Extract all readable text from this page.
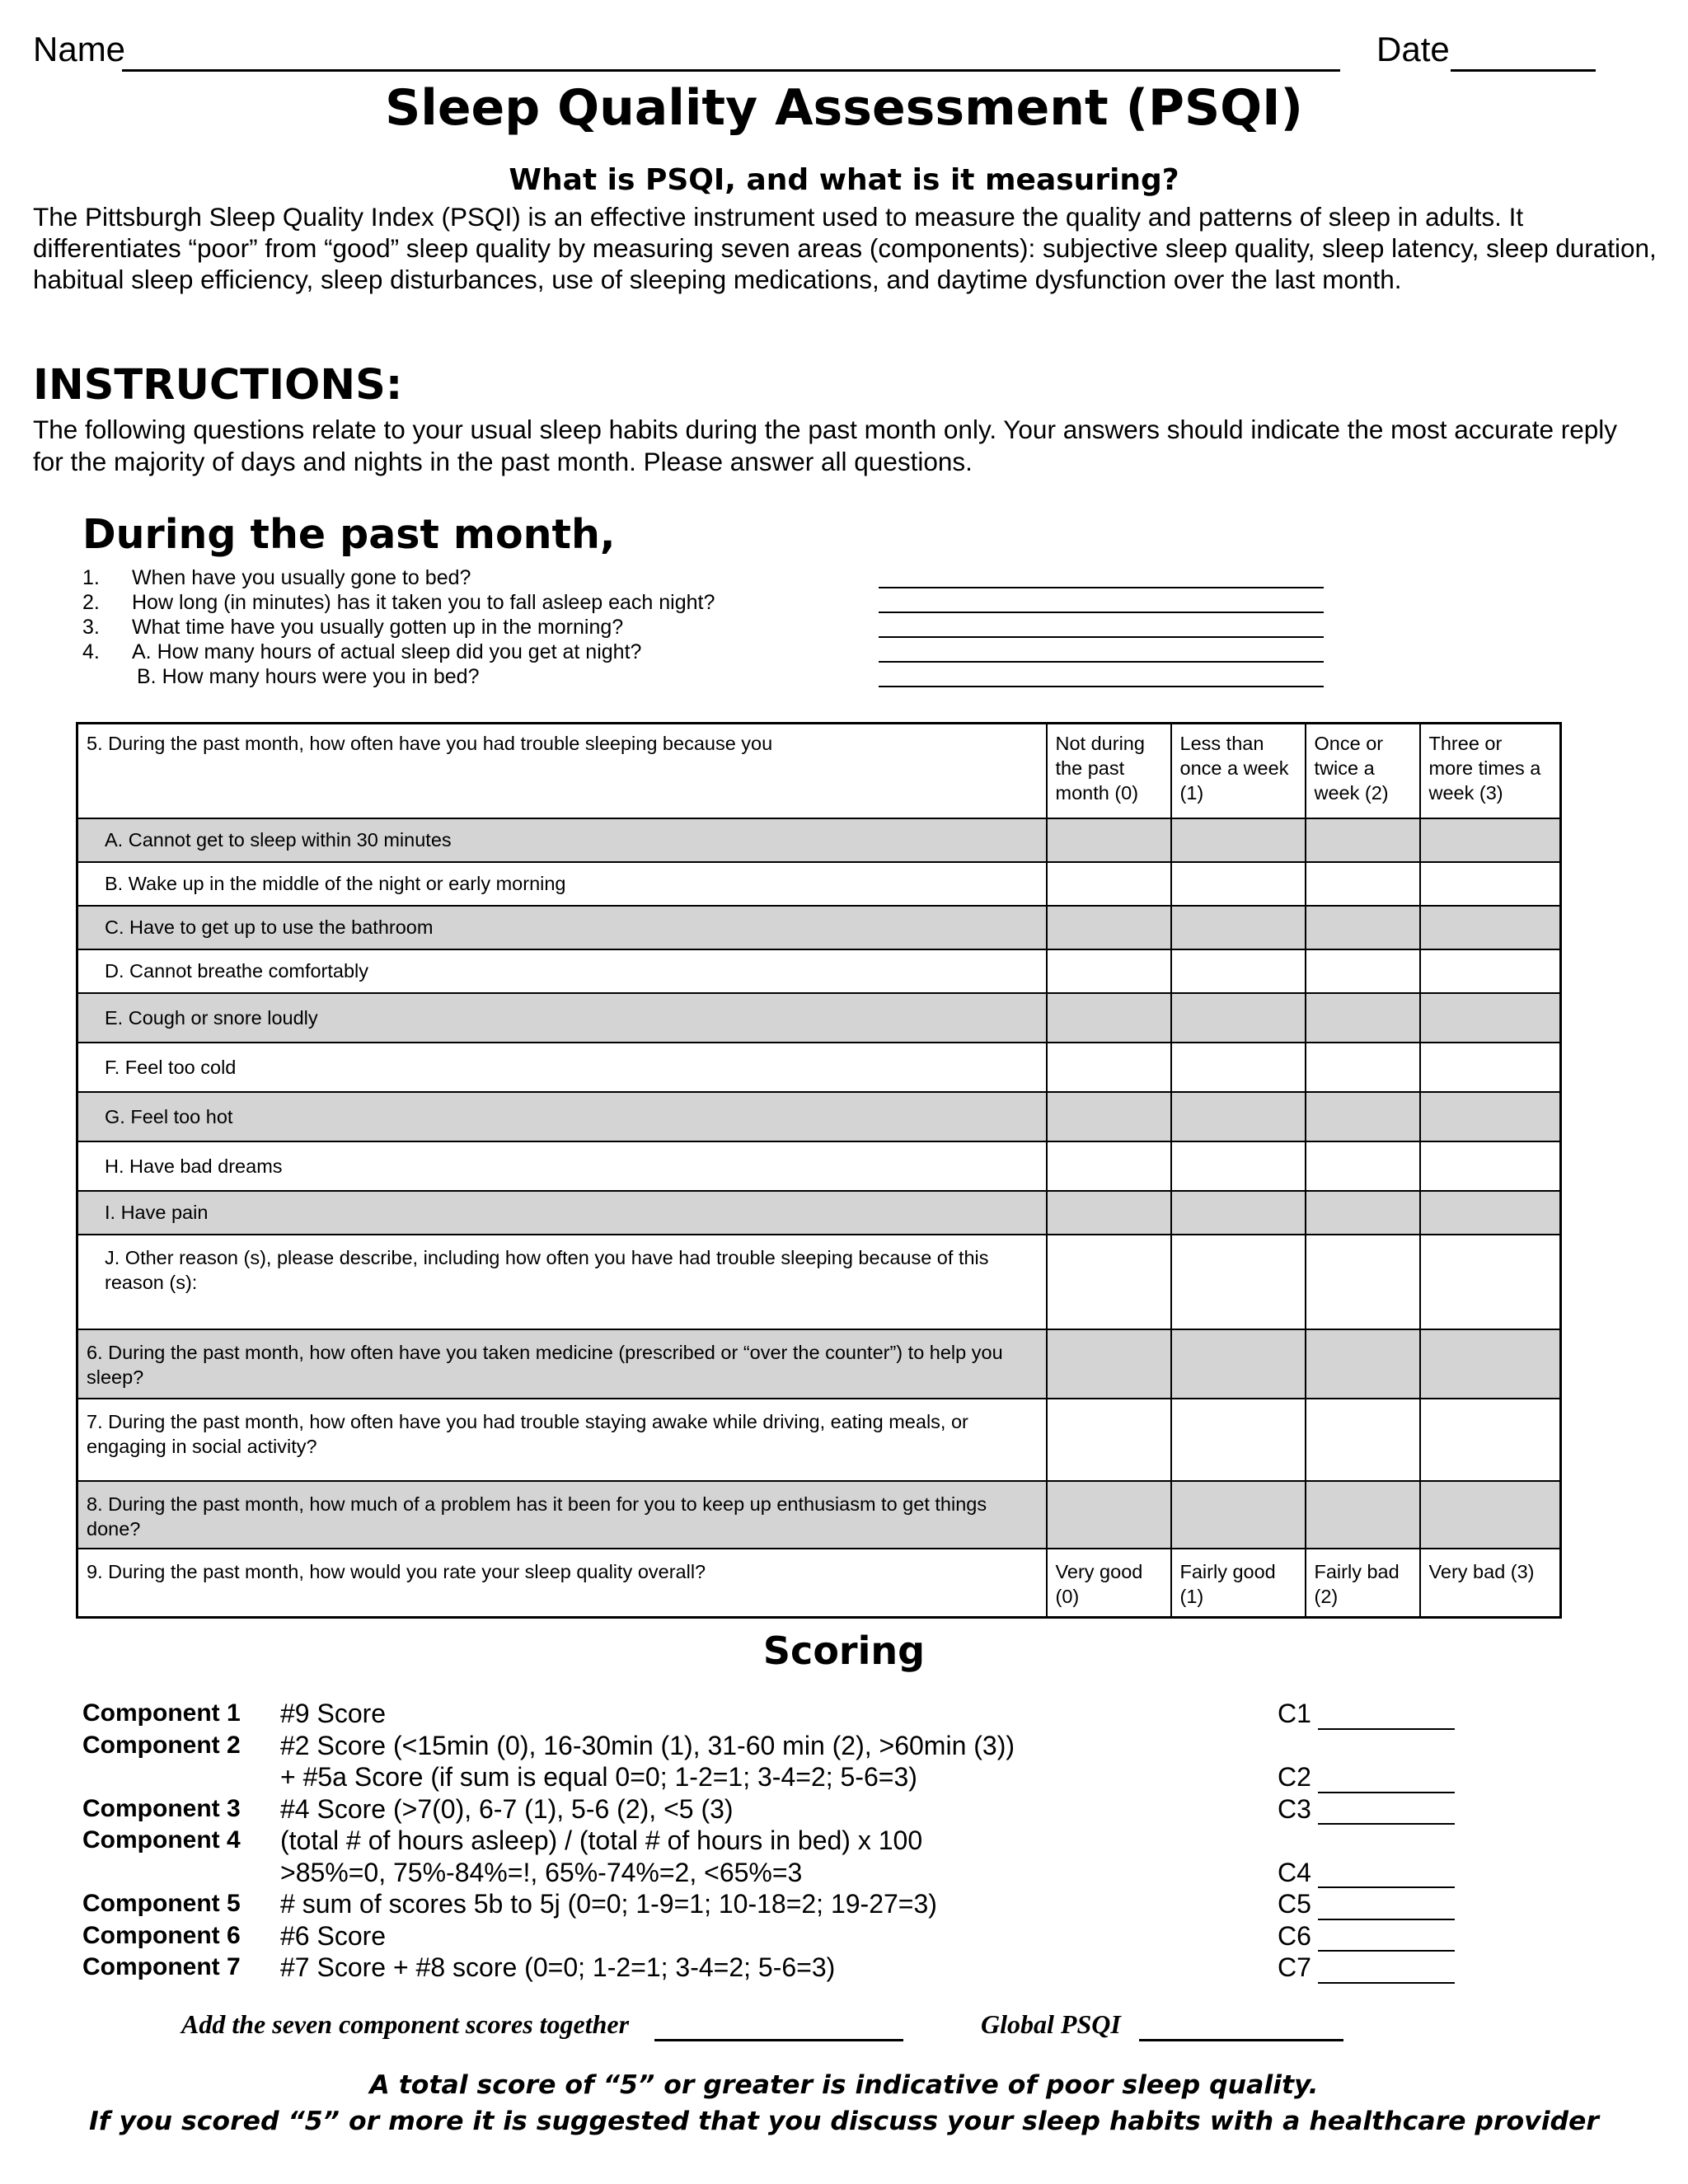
Name	Date
Sleep Quality Assessment (PSQI)
What is PSQI, and what is it measuring?
The Pittsburgh Sleep Quality Index (PSQI) is an effective instrument used to measure the quality and patterns of sleep in adults. It differentiates “poor” from “good” sleep quality by measuring seven areas (components): subjective sleep quality, sleep latency, sleep duration, habitual sleep efficiency, sleep disturbances, use of sleeping medications, and daytime dysfunction over the last month.
INSTRUCTIONS:
The following questions relate to your usual sleep habits during the past month only. Your answers should indicate the most accurate reply for the majority of days and nights in the past month. Please answer all questions.
During the past month,
1. When have you usually gone to bed?
2. How long (in minutes) has it taken you to fall asleep each night?
3. What time have you usually gotten up in the morning?
4. A. How many hours of actual sleep did you get at night?
B. How many hours were you in bed?
5. During the past month, how often have you had trouble sleeping because you	Not during the past month (0)	Less than once a week (1)	Once or twice a week (2)	Three or more times a week (3)
A. Cannot get to sleep within 30 minutes				
B. Wake up in the middle of the night or early morning				
C. Have to get up to use the bathroom				
D. Cannot breathe comfortably				
E. Cough or snore loudly				
F. Feel too cold				
G. Feel too hot				
H. Have bad dreams				
I. Have pain				
J. Other reason (s), please describe, including how often you have had trouble sleeping because of this reason (s):				
6. During the past month, how often have you taken medicine (prescribed or “over the counter”) to help you sleep?				
7. During the past month, how often have you had trouble staying awake while driving, eating meals, or engaging in social activity?				
8. During the past month, how much of a problem has it been for you to keep up enthusiasm to get things done?				
9. During the past month, how would you rate your sleep quality overall?	Very good (0)	Fairly good (1)	Fairly bad (2)	Very bad (3)
Scoring
Component 1 #9 Score	C1
Component 2 #2 Score (<15min (0), 16-30min (1), 31-60 min (2), >60min (3))
+ #5a Score (if sum is equal 0=0; 1-2=1; 3-4=2; 5-6=3)	C2
Component 3 #4 Score (>7(0), 6-7 (1), 5-6 (2), <5 (3)	C3
Component 4 (total # of hours asleep) / (total # of hours in bed) x 100
>85%=0, 75%-84%=!, 65%-74%=2, <65%=3	C4
Component 5 # sum of scores 5b to 5j (0=0; 1-9=1; 10-18=2; 19-27=3)	C5
Component 6 #6 Score	C6
Component 7 #7 Score + #8 score (0=0; 1-2=1; 3-4=2; 5-6=3)	C7
Add the seven component scores together	Global PSQI
A total score of “5” or greater is indicative of poor sleep quality.
If you scored “5” or more it is suggested that you discuss your sleep habits with a healthcare provider
